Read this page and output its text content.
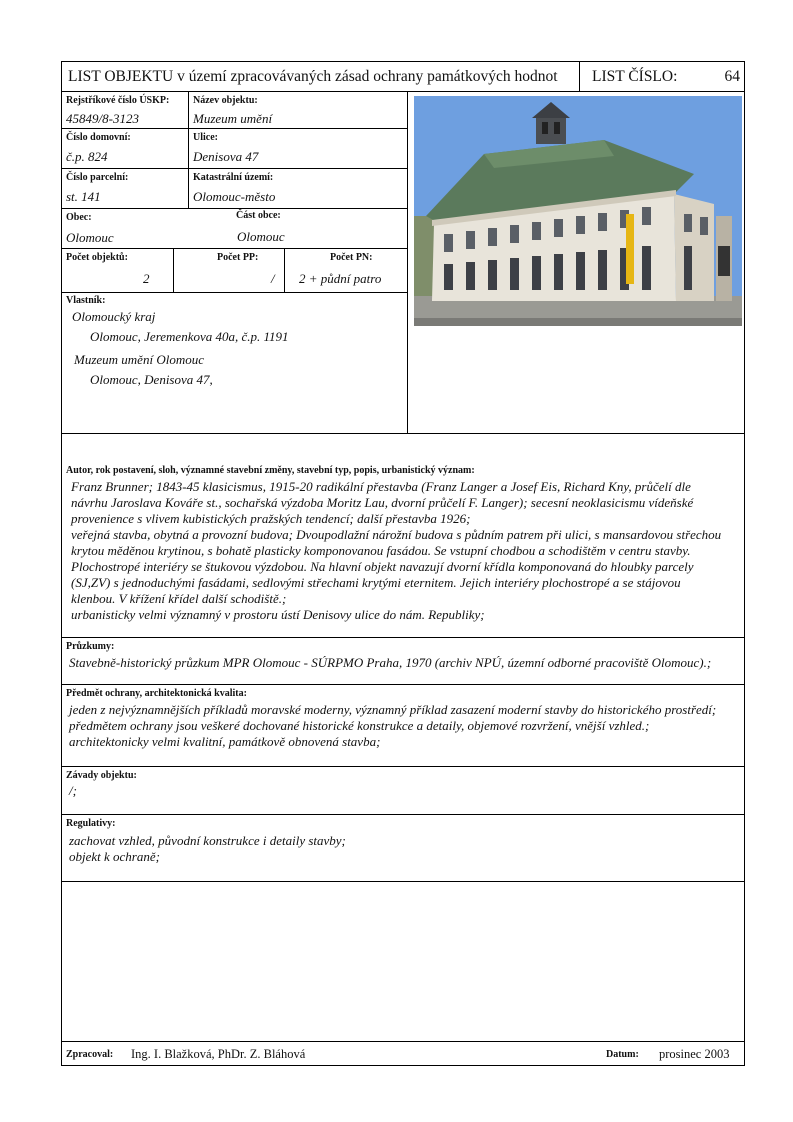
LIST OBJEKTU v území zpracovávaných zásad ochrany památkových hodnot LIST ČÍSLO:	64
Rejstříkové číslo ÚSKP:
45849/8-3123
Název objektu:
Muzeum umění
Číslo domovní:
č.p. 824
Ulice:
Denisova 47
Číslo parcelní:
st. 141
Katastrální území:
Olomouc-město
Obec:
Olomouc
Část obce:
Olomouc
Počet objektů:
2
Počet PP:
/
Počet PN:
2 + půdní patro
Vlastník:
Olomoucký kraj
Olomouc, Jeremenkova 40a, č.p. 1191
Muzeum umění Olomouc
Olomouc, Denisova 47,
Autor, rok postavení, sloh, významné stavební změny, stavební typ, popis, urbanistický význam:
Franz Brunner; 1843-45 klasicismus, 1915-20 radikální přestavba (Franz Langer a Josef Eis, Richard Kny, průčelí dle
návrhu Jaroslava Kováře st., sochařská výzdoba Moritz Lau, dvorní průčelí F. Langer); secesní neoklasicismu vídeňské
provenience s vlivem kubistických pražských tendencí; další přestavba 1926;
veřejná stavba, obytná a provozní budova; Dvoupodlažní nárožní budova s půdním patrem při ulici, s mansardovou střechou
krytou měděnou krytinou, s bohatě plasticky komponovanou fasádou. Se vstupní chodbou a schodištěm v centru stavby.
Plochostropé interiéry se štukovou výzdobou. Na hlavní objekt navazují dvorní křídla komponovaná do hloubky parcely
(SJ,ZV) s jednoduchými fasádami, sedlovými střechami krytými eternitem. Jejich interiéry plochostropé a se stájovou
klenbou. V křížení křídel další schodiště.;
urbanisticky velmi významný v prostoru ústí Denisovy ulice do nám. Republiky;
Průzkumy:
Stavebně-historický průzkum MPR Olomouc - SÚRPMO Praha, 1970 (archiv NPÚ, územní odborné pracoviště Olomouc).;
Předmět ochrany, architektonická kvalita:
jeden z nejvýznamnějších příkladů moravské moderny, významný příklad zasazení moderní stavby do historického prostředí;
předmětem ochrany jsou veškeré dochované historické konstrukce a detaily, objemové rozvržení, vnější vzhled.;
architektonicky velmi kvalitní, památkově obnovená stavba;
Závady objektu:
/;
Regulativy:
zachovat vzhled, původní konstrukce i detaily stavby;
objekt k ochraně;
Zpracoval: Ing. I. Blažková, PhDr. Z. Bláhová	Datum: prosinec 2003
